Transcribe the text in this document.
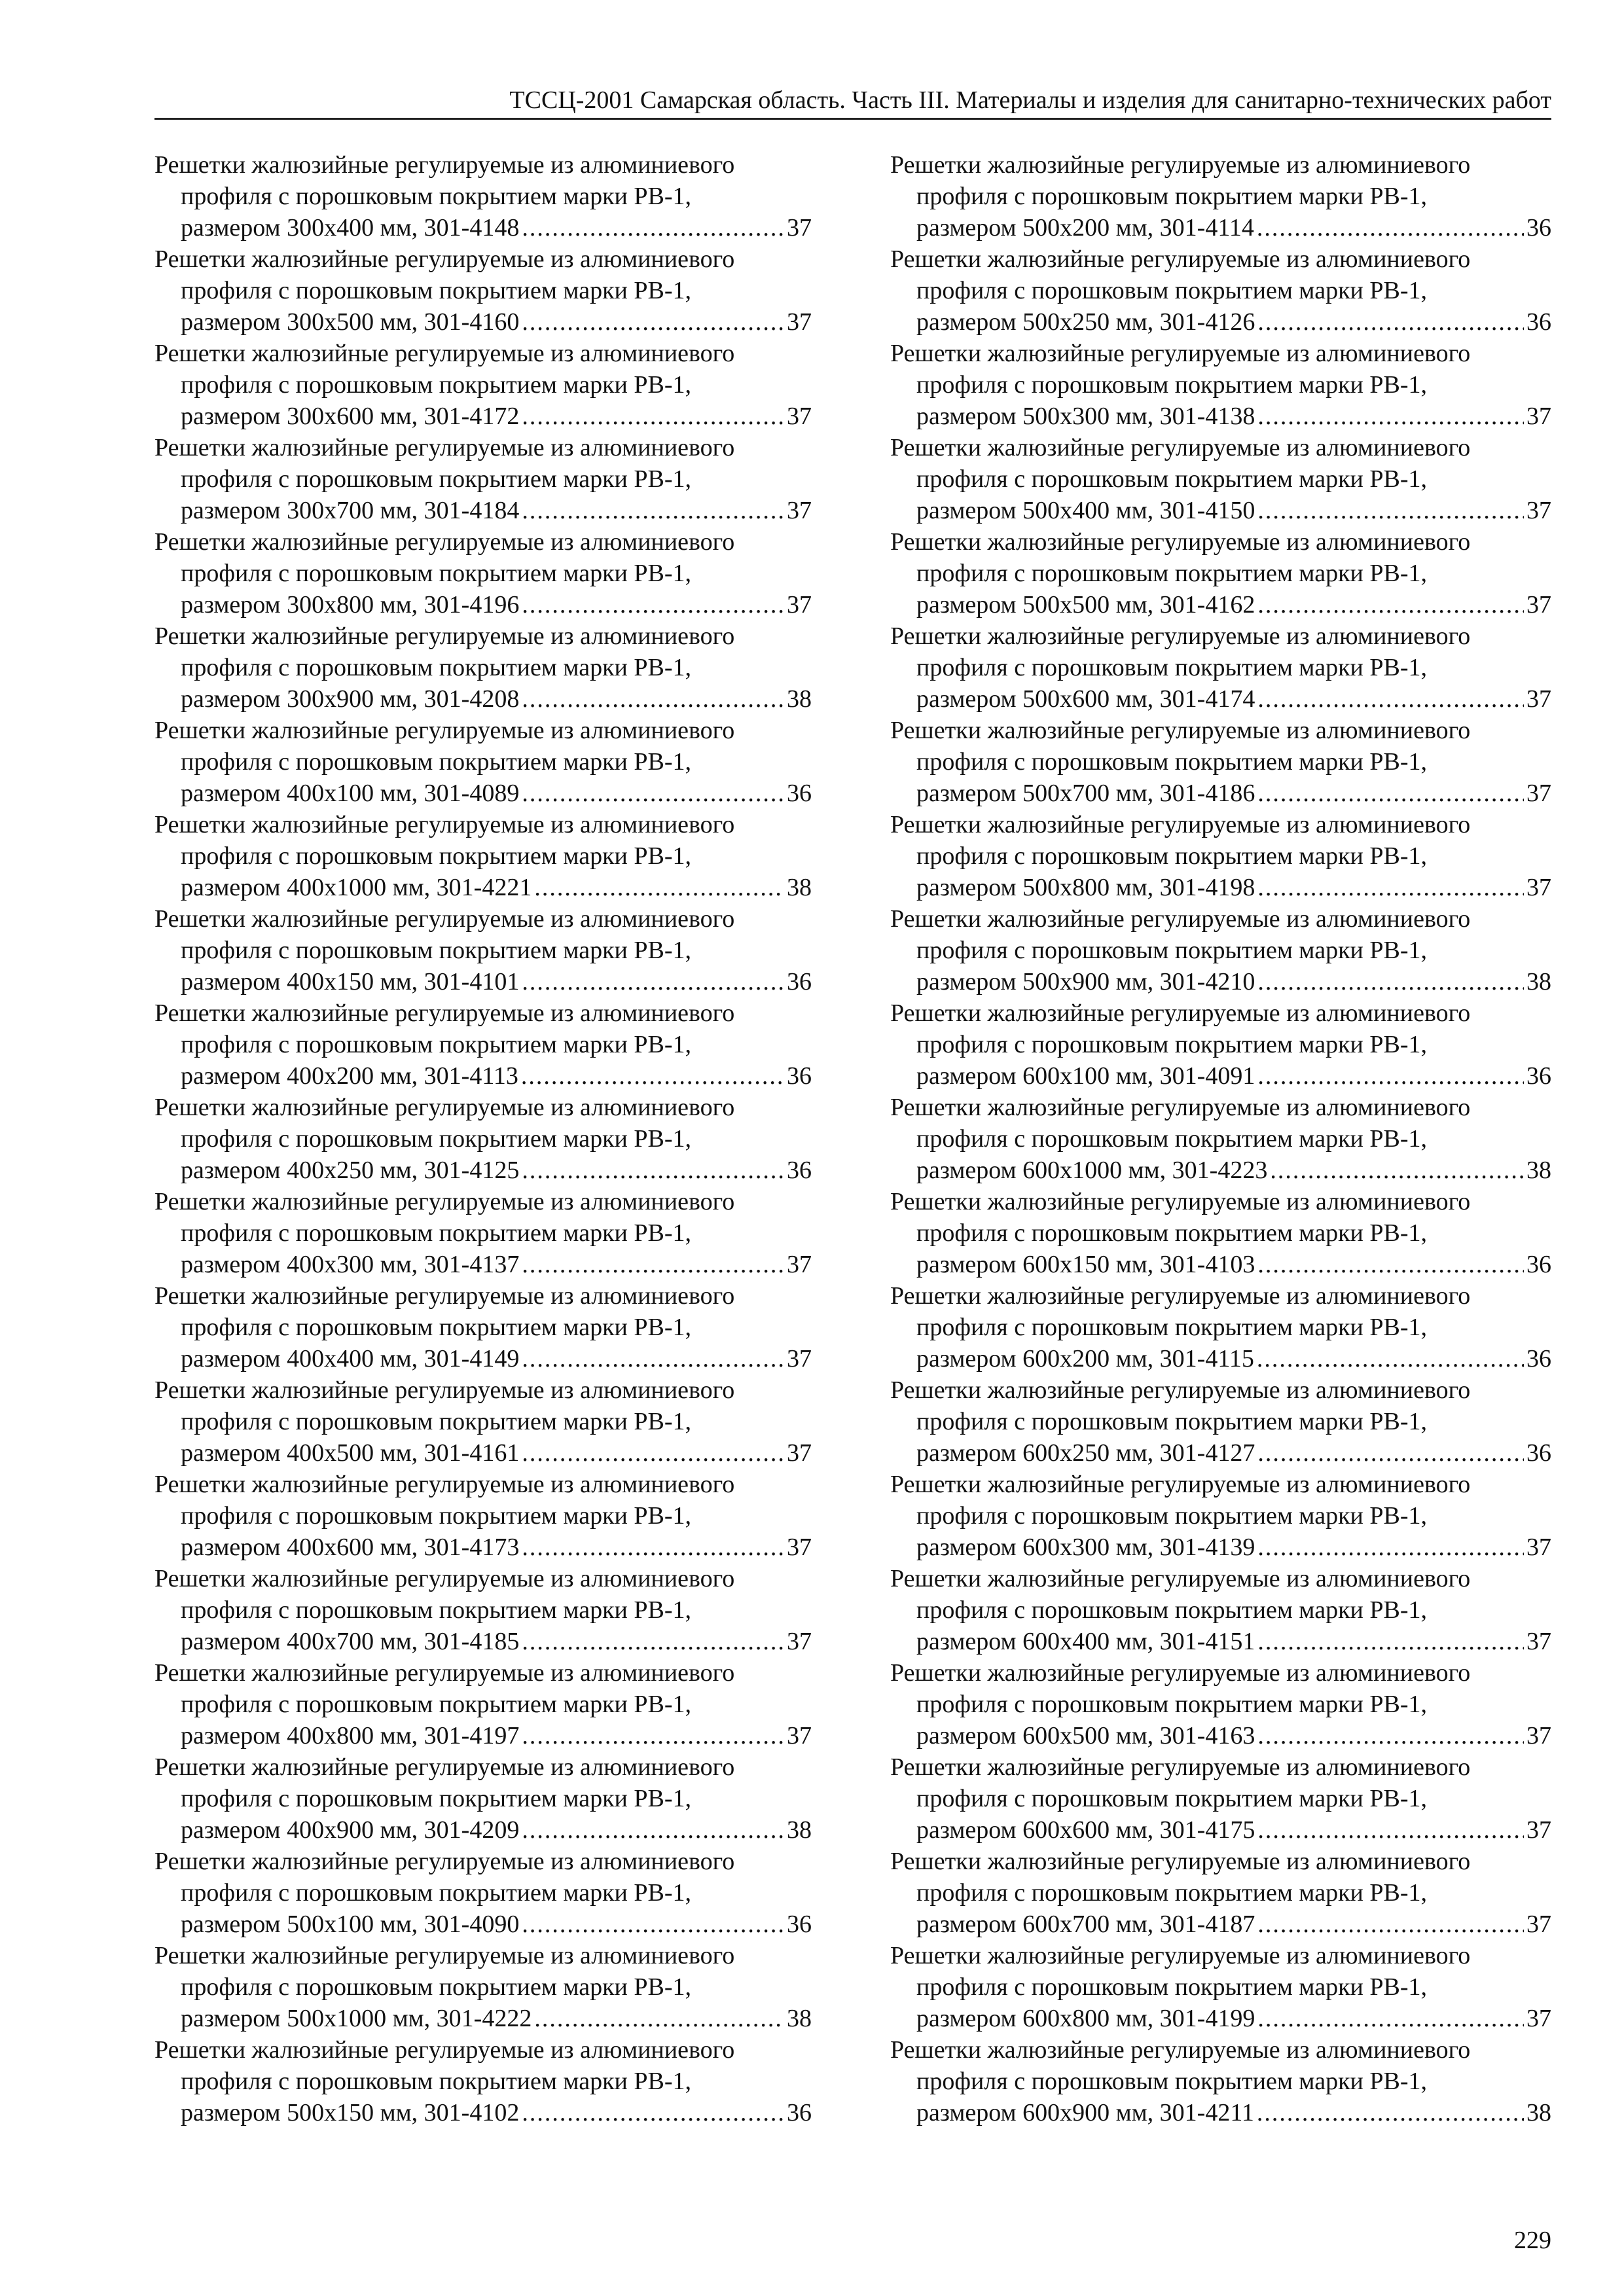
ТССЦ-2001 Самарская область. Часть III. Материалы и изделия для санитарно-технических работ
Решетки жалюзийные регулируемые из алюминиевого
профиля с порошковым покрытием марки РВ-1,
размером 300x400 мм, 301-4148 .....	37
Решетки жалюзийные регулируемые из алюминиевого
профиля с порошковым покрытием марки РВ-1,
размером 300x500 мм, 301-4160 .....	37
Решетки жалюзийные регулируемые из алюминиевого
профиля с порошковым покрытием марки РВ-1,
размером 300x600 мм, 301-4172 .....	37
Решетки жалюзийные регулируемые из алюминиевого
профиля с порошковым покрытием марки РВ-1,
размером 300x700 мм, 301-4184 .....	37
Решетки жалюзийные регулируемые из алюминиевого
профиля с порошковым покрытием марки РВ-1,
размером 300x800 мм, 301-4196 .....	37
Решетки жалюзийные регулируемые из алюминиевого
профиля с порошковым покрытием марки РВ-1,
размером 300x900 мм, 301-4208 .....	38
Решетки жалюзийные регулируемые из алюминиевого
профиля с порошковым покрытием марки РВ-1,
размером 400x100 мм, 301-4089 .....	36
Решетки жалюзийные регулируемые из алюминиевого
профиля с порошковым покрытием марки РВ-1,
размером 400x1000 мм, 301-4221 .....	38
Решетки жалюзийные регулируемые из алюминиевого
профиля с порошковым покрытием марки РВ-1,
размером 400x150 мм, 301-4101 .....	36
Решетки жалюзийные регулируемые из алюминиевого
профиля с порошковым покрытием марки РВ-1,
размером 400x200 мм, 301-4113 .....	36
Решетки жалюзийные регулируемые из алюминиевого
профиля с порошковым покрытием марки РВ-1,
размером 400x250 мм, 301-4125 .....	36
Решетки жалюзийные регулируемые из алюминиевого
профиля с порошковым покрытием марки РВ-1,
размером 400x300 мм, 301-4137 .....	37
Решетки жалюзийные регулируемые из алюминиевого
профиля с порошковым покрытием марки РВ-1,
размером 400x400 мм, 301-4149 .....	37
Решетки жалюзийные регулируемые из алюминиевого
профиля с порошковым покрытием марки РВ-1,
размером 400x500 мм, 301-4161 .....	37
Решетки жалюзийные регулируемые из алюминиевого
профиля с порошковым покрытием марки РВ-1,
размером 400x600 мм, 301-4173 .....	37
Решетки жалюзийные регулируемые из алюминиевого
профиля с порошковым покрытием марки РВ-1,
размером 400x700 мм, 301-4185 .....	37
Решетки жалюзийные регулируемые из алюминиевого
профиля с порошковым покрытием марки РВ-1,
размером 400x800 мм, 301-4197 .....	37
Решетки жалюзийные регулируемые из алюминиевого
профиля с порошковым покрытием марки РВ-1,
размером 400x900 мм, 301-4209 .....	38
Решетки жалюзийные регулируемые из алюминиевого
профиля с порошковым покрытием марки РВ-1,
размером 500x100 мм, 301-4090 .....	36
Решетки жалюзийные регулируемые из алюминиевого
профиля с порошковым покрытием марки РВ-1,
размером 500x1000 мм, 301-4222 .....	38
Решетки жалюзийные регулируемые из алюминиевого
профиля с порошковым покрытием марки РВ-1,
размером 500x150 мм, 301-4102 .....	36
Решетки жалюзийные регулируемые из алюминиевого
профиля с порошковым покрытием марки РВ-1,
размером 500x200 мм, 301-4114 .....	36
Решетки жалюзийные регулируемые из алюминиевого
профиля с порошковым покрытием марки РВ-1,
размером 500x250 мм, 301-4126 .....	36
Решетки жалюзийные регулируемые из алюминиевого
профиля с порошковым покрытием марки РВ-1,
размером 500x300 мм, 301-4138 .....	37
Решетки жалюзийные регулируемые из алюминиевого
профиля с порошковым покрытием марки РВ-1,
размером 500x400 мм, 301-4150 .....	37
Решетки жалюзийные регулируемые из алюминиевого
профиля с порошковым покрытием марки РВ-1,
размером 500x500 мм, 301-4162 .....	37
Решетки жалюзийные регулируемые из алюминиевого
профиля с порошковым покрытием марки РВ-1,
размером 500x600 мм, 301-4174 .....	37
Решетки жалюзийные регулируемые из алюминиевого
профиля с порошковым покрытием марки РВ-1,
размером 500x700 мм, 301-4186 .....	37
Решетки жалюзийные регулируемые из алюминиевого
профиля с порошковым покрытием марки РВ-1,
размером 500x800 мм, 301-4198 .....	37
Решетки жалюзийные регулируемые из алюминиевого
профиля с порошковым покрытием марки РВ-1,
размером 500x900 мм, 301-4210 .....	38
Решетки жалюзийные регулируемые из алюминиевого
профиля с порошковым покрытием марки РВ-1,
размером 600x100 мм, 301-4091 .....	36
Решетки жалюзийные регулируемые из алюминиевого
профиля с порошковым покрытием марки РВ-1,
размером 600x1000 мм, 301-4223 .....	38
Решетки жалюзийные регулируемые из алюминиевого
профиля с порошковым покрытием марки РВ-1,
размером 600x150 мм, 301-4103 .....	36
Решетки жалюзийные регулируемые из алюминиевого
профиля с порошковым покрытием марки РВ-1,
размером 600x200 мм, 301-4115 .....	36
Решетки жалюзийные регулируемые из алюминиевого
профиля с порошковым покрытием марки РВ-1,
размером 600x250 мм, 301-4127 .....	36
Решетки жалюзийные регулируемые из алюминиевого
профиля с порошковым покрытием марки РВ-1,
размером 600x300 мм, 301-4139 .....	37
Решетки жалюзийные регулируемые из алюминиевого
профиля с порошковым покрытием марки РВ-1,
размером 600x400 мм, 301-4151 .....	37
Решетки жалюзийные регулируемые из алюминиевого
профиля с порошковым покрытием марки РВ-1,
размером 600x500 мм, 301-4163 .....	37
Решетки жалюзийные регулируемые из алюминиевого
профиля с порошковым покрытием марки РВ-1,
размером 600x600 мм, 301-4175 .....	37
Решетки жалюзийные регулируемые из алюминиевого
профиля с порошковым покрытием марки РВ-1,
размером 600x700 мм, 301-4187 .....	37
Решетки жалюзийные регулируемые из алюминиевого
профиля с порошковым покрытием марки РВ-1,
размером 600x800 мм, 301-4199 .....	37
Решетки жалюзийные регулируемые из алюминиевого
профиля с порошковым покрытием марки РВ-1,
размером 600x900 мм, 301-4211 .....	38
229
